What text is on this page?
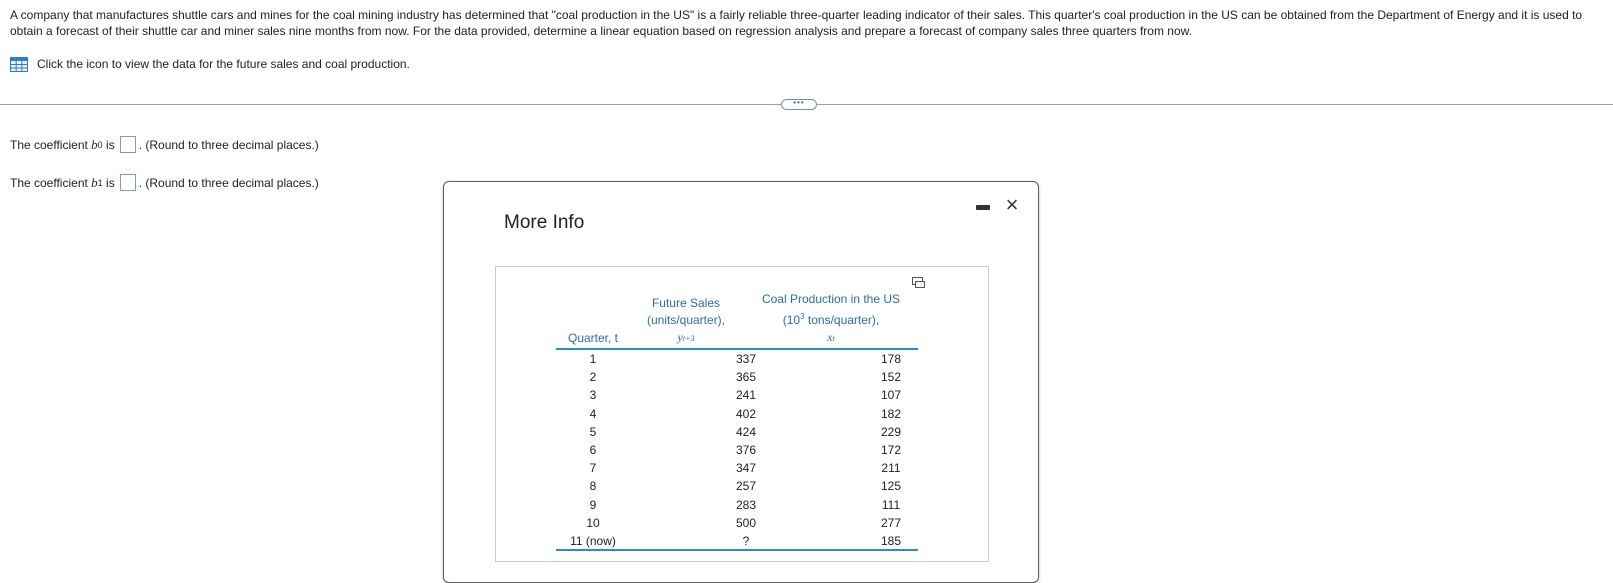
A company that manufactures shuttle cars and mines for the coal mining industry has determined that "coal production in the US" is a fairly reliable three-quarter leading indicator of their sales. This quarter's coal production in the US can be obtained from the Department of Energy and it is used to obtain a forecast of their shuttle car and miner sales nine months from now. For the data provided, determine a linear equation based on regression analysis and prepare a forecast of company sales three quarters from now.
Click the icon to view the data for the future sales and coal production.
•••
The coefficient
b 0
is . (Round to three decimal places.)
The coefficient
b 1
is . (Round to three decimal places.)
More Info
×
Quarter, t
Future Sales
(units/quarter),
yt+3
Coal Production in the US
($10^3$ tons/quarter),
xt
1	337	178
2	365	152
3	241	107
4	402	182
5	424	229
6	376	172
7	347	211
8	257	125
9	283	111
10	500	277
11 (now)	?	185
